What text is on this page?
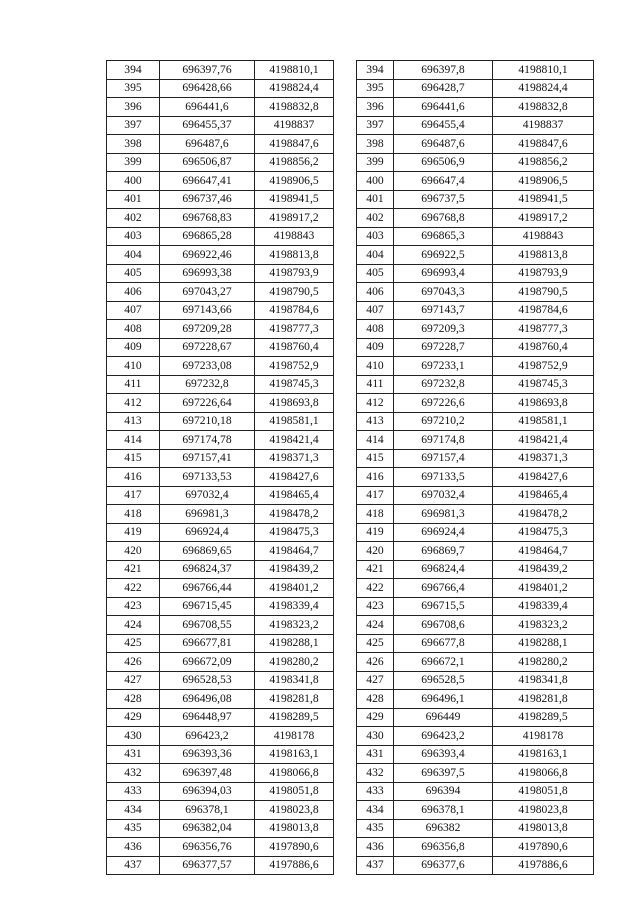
394	696397,76	4198810,1		394	696397,8	4198810,1
395	696428,66	4198824,4		395	696428,7	4198824,4
396	696441,6	4198832,8		396	696441,6	4198832,8
397	696455,37	4198837		397	696455,4	4198837
398	696487,6	4198847,6		398	696487,6	4198847,6
399	696506,87	4198856,2		399	696506,9	4198856,2
400	696647,41	4198906,5		400	696647,4	4198906,5
401	696737,46	4198941,5		401	696737,5	4198941,5
402	696768,83	4198917,2		402	696768,8	4198917,2
403	696865,28	4198843		403	696865,3	4198843
404	696922,46	4198813,8		404	696922,5	4198813,8
405	696993,38	4198793,9		405	696993,4	4198793,9
406	697043,27	4198790,5		406	697043,3	4198790,5
407	697143,66	4198784,6		407	697143,7	4198784,6
408	697209,28	4198777,3		408	697209,3	4198777,3
409	697228,67	4198760,4		409	697228,7	4198760,4
410	697233,08	4198752,9		410	697233,1	4198752,9
411	697232,8	4198745,3		411	697232,8	4198745,3
412	697226,64	4198693,8		412	697226,6	4198693,8
413	697210,18	4198581,1		413	697210,2	4198581,1
414	697174,78	4198421,4		414	697174,8	4198421,4
415	697157,41	4198371,3		415	697157,4	4198371,3
416	697133,53	4198427,6		416	697133,5	4198427,6
417	697032,4	4198465,4		417	697032,4	4198465,4
418	696981,3	4198478,2		418	696981,3	4198478,2
419	696924,4	4198475,3		419	696924,4	4198475,3
420	696869,65	4198464,7		420	696869,7	4198464,7
421	696824,37	4198439,2		421	696824,4	4198439,2
422	696766,44	4198401,2		422	696766,4	4198401,2
423	696715,45	4198339,4		423	696715,5	4198339,4
424	696708,55	4198323,2		424	696708,6	4198323,2
425	696677,81	4198288,1		425	696677,8	4198288,1
426	696672,09	4198280,2		426	696672,1	4198280,2
427	696528,53	4198341,8		427	696528,5	4198341,8
428	696496,08	4198281,8		428	696496,1	4198281,8
429	696448,97	4198289,5		429	696449	4198289,5
430	696423,2	4198178		430	696423,2	4198178
431	696393,36	4198163,1		431	696393,4	4198163,1
432	696397,48	4198066,8		432	696397,5	4198066,8
433	696394,03	4198051,8		433	696394	4198051,8
434	696378,1	4198023,8		434	696378,1	4198023,8
435	696382,04	4198013,8		435	696382	4198013,8
436	696356,76	4197890,6		436	696356,8	4197890,6
437	696377,57	4197886,6		437	696377,6	4197886,6
